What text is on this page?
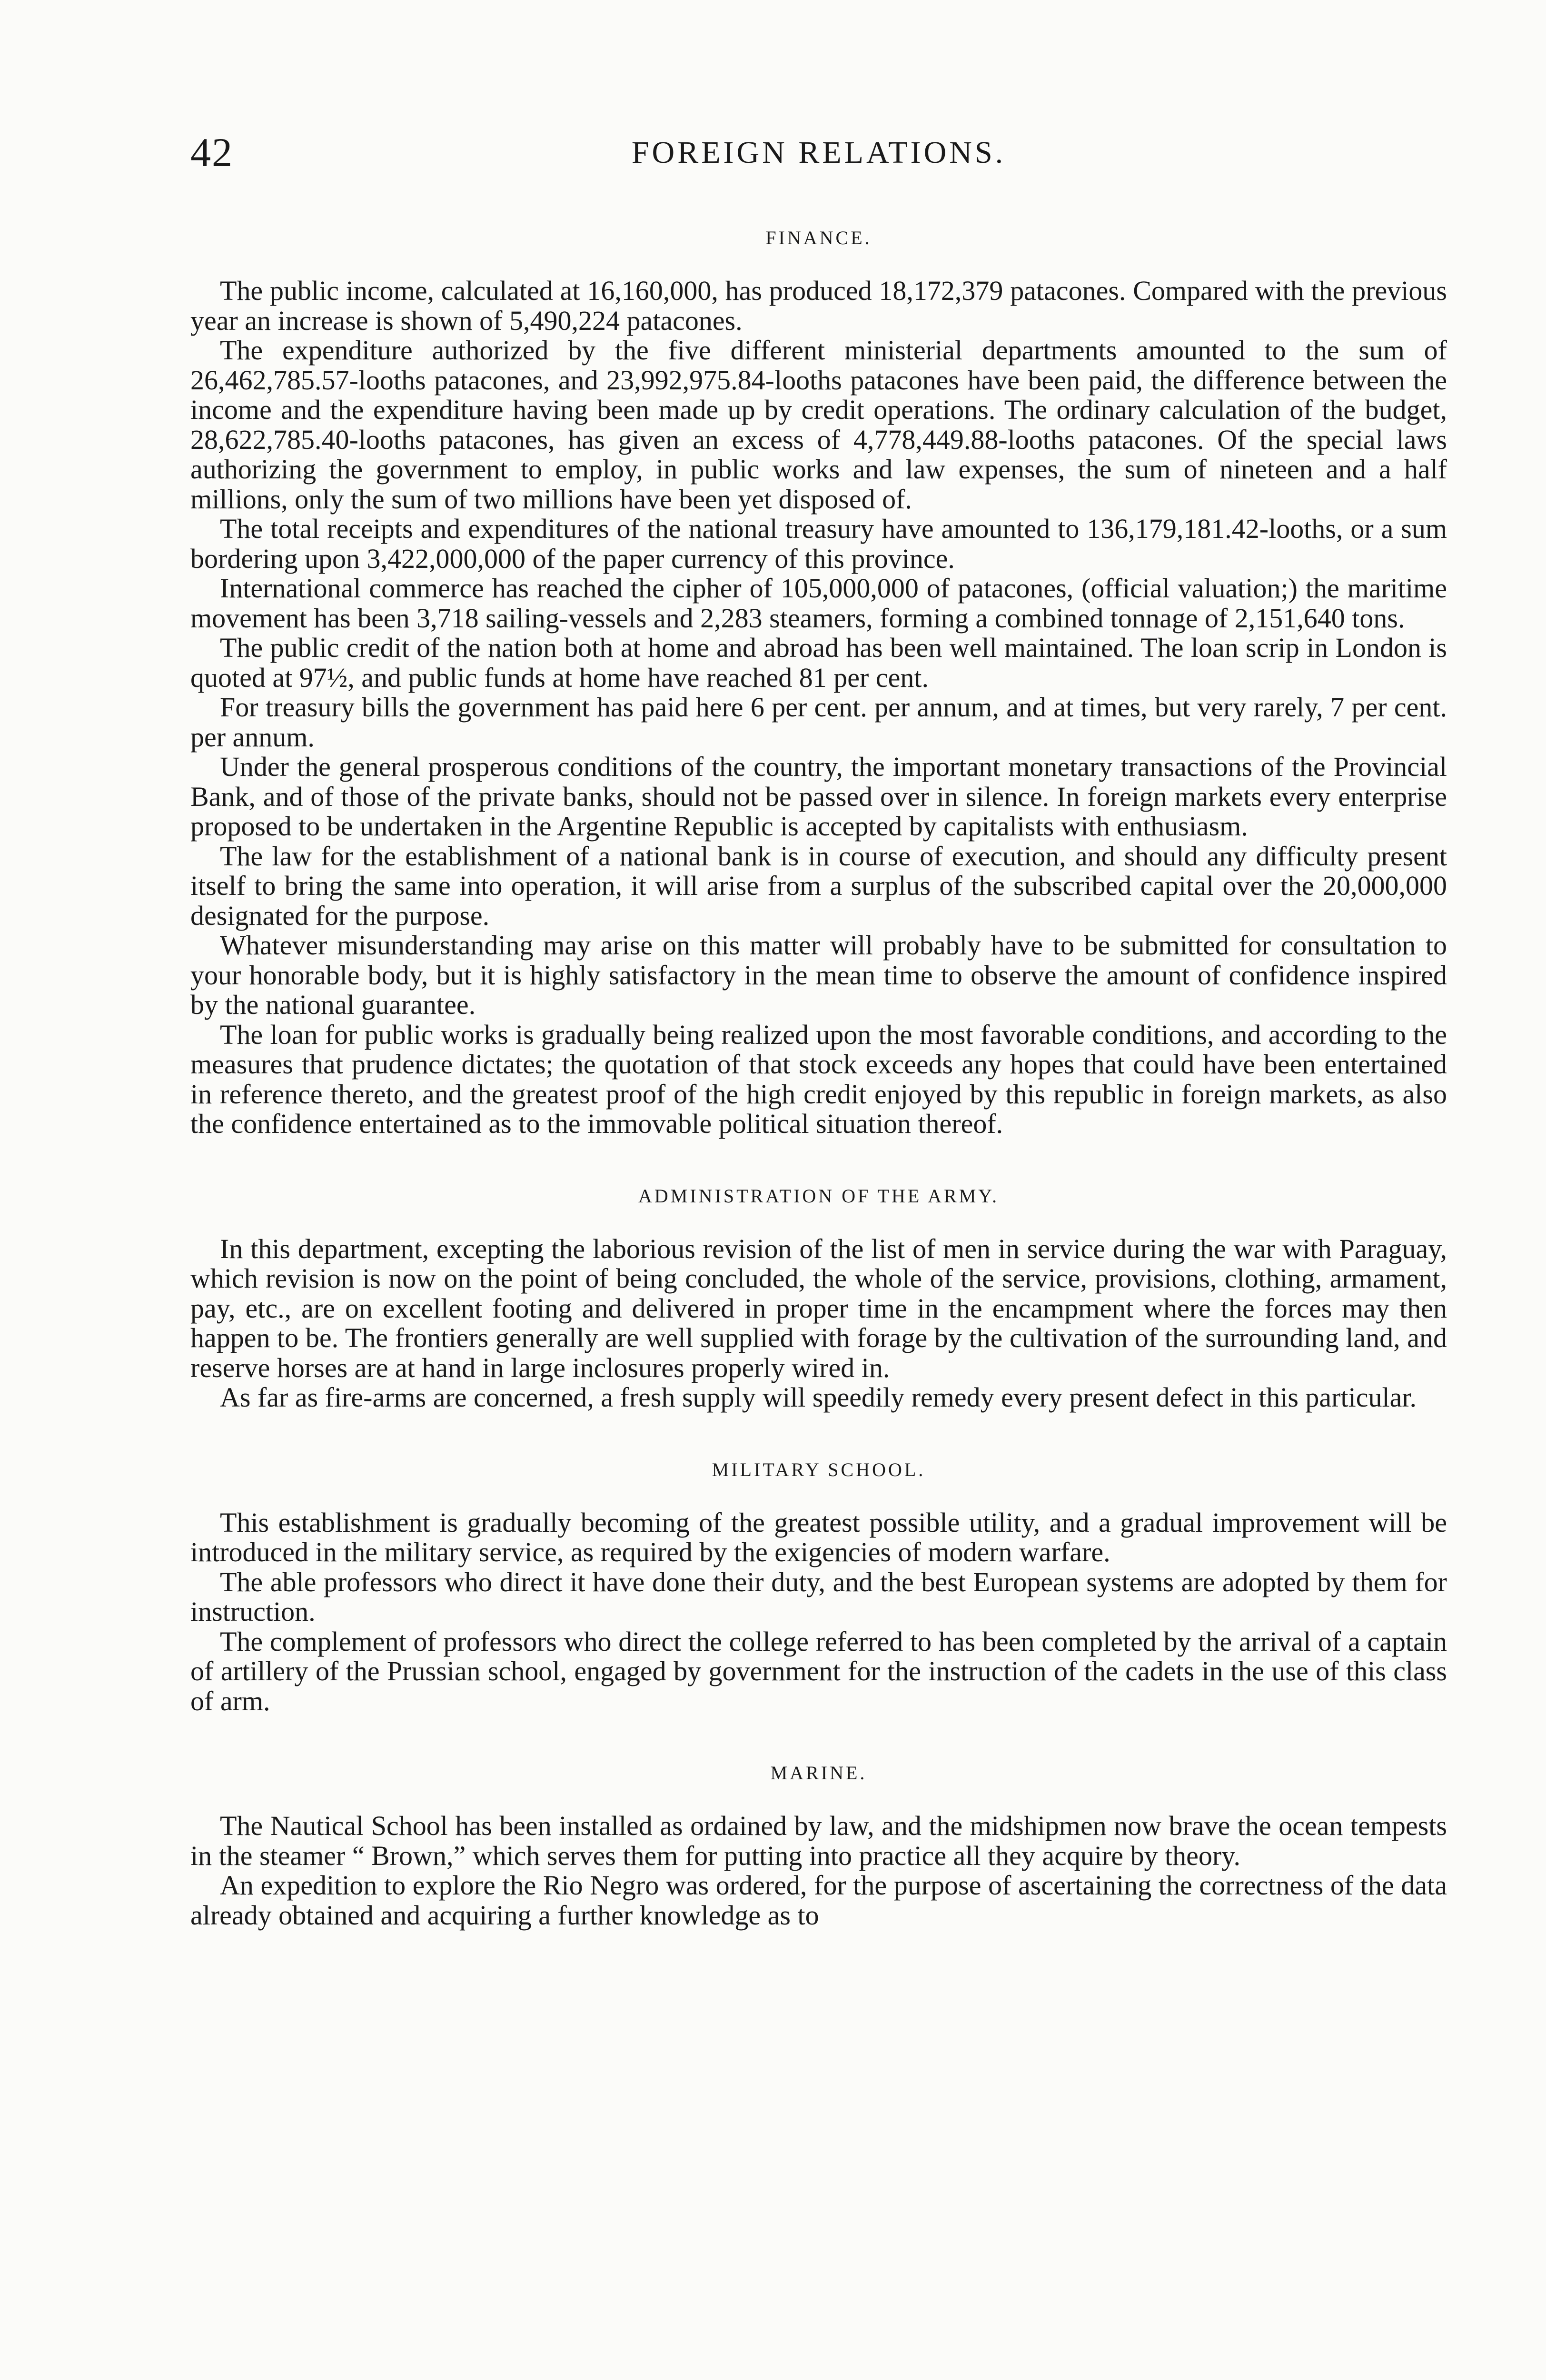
42	FOREIGN RELATIONS.
FINANCE.

The public income, calculated at 16,160,000, has produced 18,172,379 patacones. Compared with the previous year an increase is shown of 5,490,224 patacones.

The expenditure authorized by the five different ministerial departments amounted to the sum of 26,462,785.57-looths patacones, and 23,992,975.84-looths patacones have been paid, the difference between the income and the expenditure having been made up by credit operations. The ordinary calculation of the budget, 28,622,785.40-looths patacones, has given an excess of 4,778,449.88-looths patacones. Of the special laws authorizing the government to employ, in public works and law expenses, the sum of nineteen and a half millions, only the sum of two millions have been yet disposed of.

The total receipts and expenditures of the national treasury have amounted to 136,179,181.42-looths, or a sum bordering upon 3,422,000,000 of the paper currency of this province.

International commerce has reached the cipher of 105,000,000 of patacones, (official valuation;) the maritime movement has been 3,718 sailing-vessels and 2,283 steamers, forming a combined tonnage of 2,151,640 tons.

The public credit of the nation both at home and abroad has been well maintained. The loan scrip in London is quoted at 97½, and public funds at home have reached 81 per cent.

For treasury bills the government has paid here 6 per cent. per annum, and at times, but very rarely, 7 per cent. per annum.

Under the general prosperous conditions of the country, the important monetary transactions of the Provincial Bank, and of those of the private banks, should not be passed over in silence. In foreign markets every enterprise proposed to be undertaken in the Argentine Republic is accepted by capitalists with enthusiasm.

The law for the establishment of a national bank is in course of execution, and should any difficulty present itself to bring the same into operation, it will arise from a surplus of the subscribed capital over the 20,000,000 designated for the purpose.

Whatever misunderstanding may arise on this matter will probably have to be submitted for consultation to your honorable body, but it is highly satisfactory in the mean time to observe the amount of confidence inspired by the national guarantee.

The loan for public works is gradually being realized upon the most favorable conditions, and according to the measures that prudence dictates; the quotation of that stock exceeds any hopes that could have been entertained in reference thereto, and the greatest proof of the high credit enjoyed by this republic in foreign markets, as also the confidence entertained as to the immovable political situation thereof.

ADMINISTRATION OF THE ARMY.

In this department, excepting the laborious revision of the list of men in service during the war with Paraguay, which revision is now on the point of being concluded, the whole of the service, provisions, clothing, armament, pay, etc., are on excellent footing and delivered in proper time in the encampment where the forces may then happen to be. The frontiers generally are well supplied with forage by the cultivation of the surrounding land, and reserve horses are at hand in large inclosures properly wired in.

As far as fire-arms are concerned, a fresh supply will speedily remedy every present defect in this particular.

MILITARY SCHOOL.

This establishment is gradually becoming of the greatest possible utility, and a gradual improvement will be introduced in the military service, as required by the exigencies of modern warfare.

The able professors who direct it have done their duty, and the best European systems are adopted by them for instruction.

The complement of professors who direct the college referred to has been completed by the arrival of a captain of artillery of the Prussian school, engaged by government for the instruction of the cadets in the use of this class of arm.

MARINE.

The Nautical School has been installed as ordained by law, and the midshipmen now brave the ocean tempests in the steamer “ Brown,” which serves them for putting into practice all they acquire by theory.

An expedition to explore the Rio Negro was ordered, for the purpose of ascertaining the correctness of the data already obtained and acquiring a further knowledge as to
